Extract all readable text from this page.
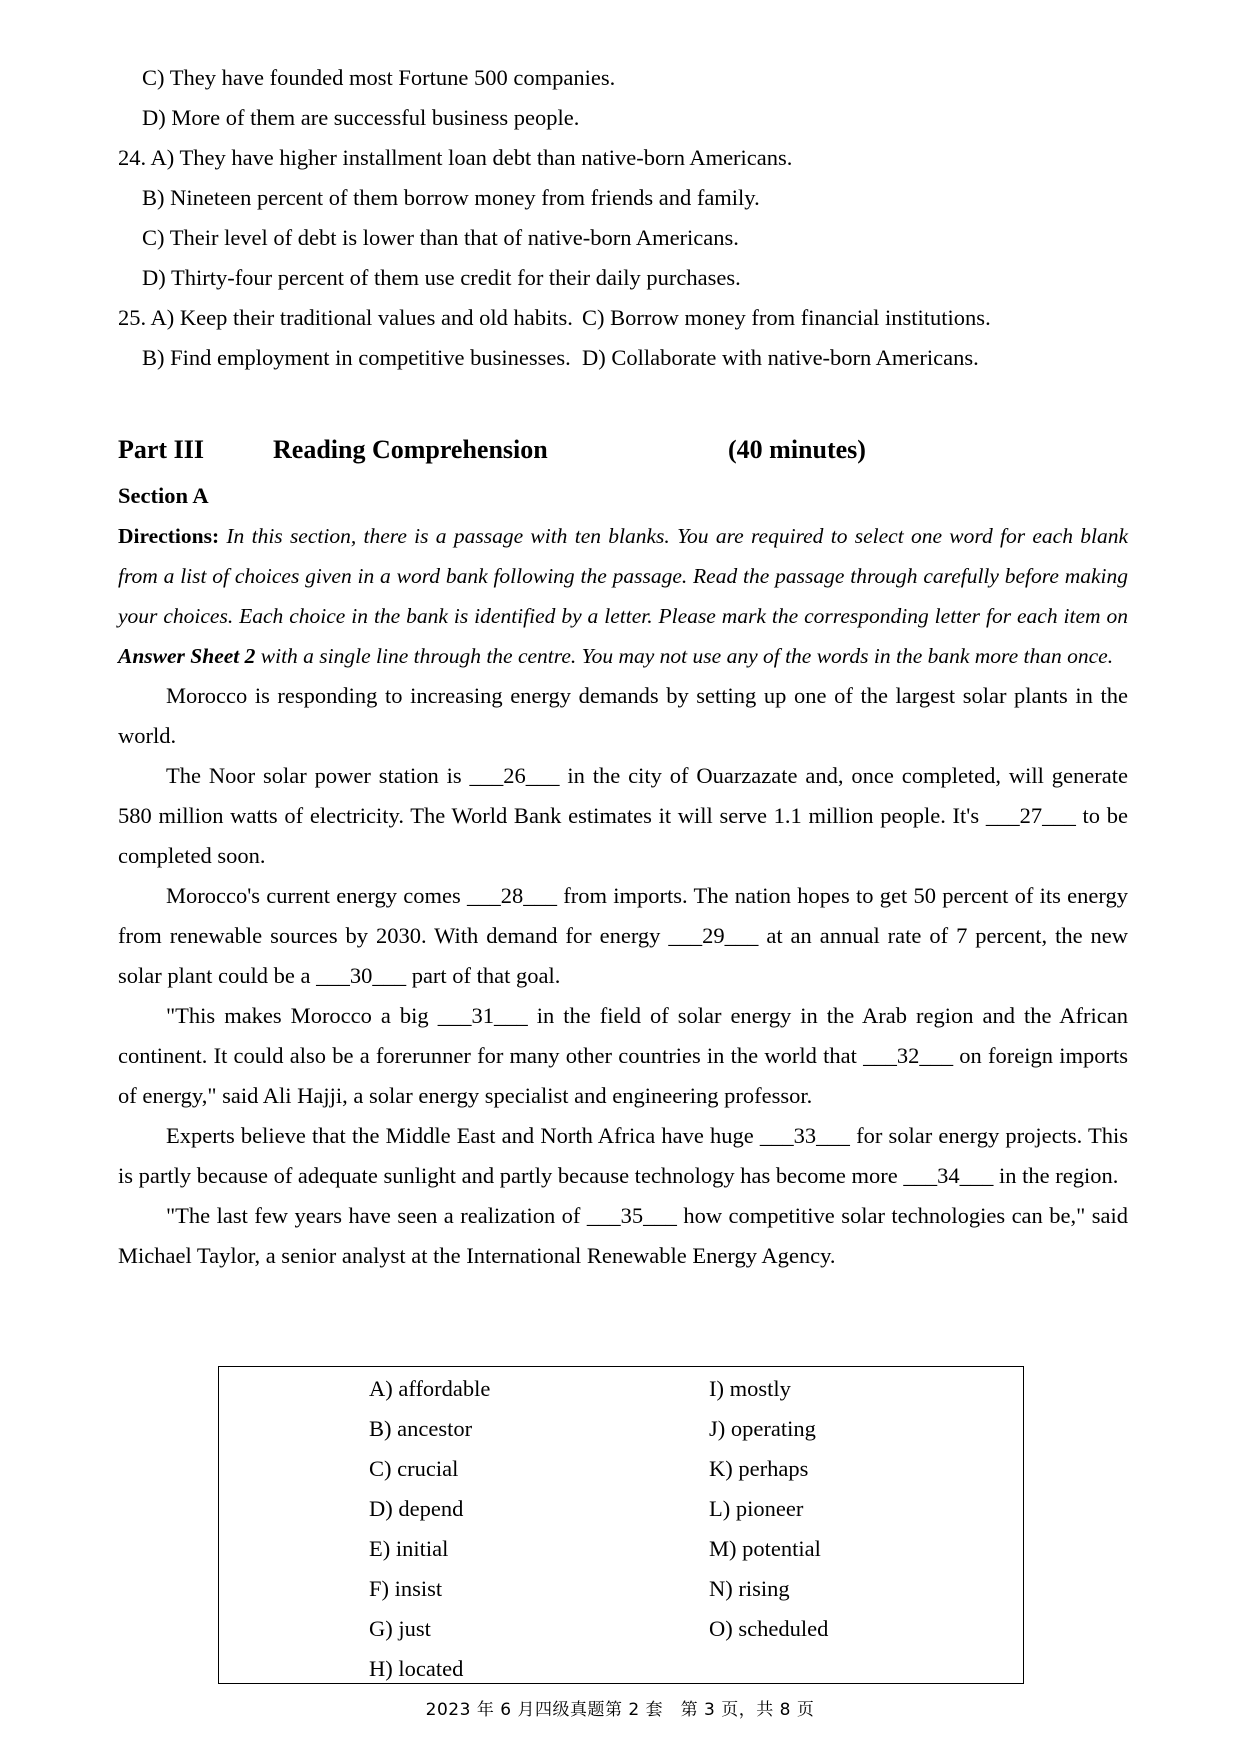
C) They have founded most Fortune 500 companies.
D) More of them are successful business people.
24. A) They have higher installment loan debt than native-born Americans.
B) Nineteen percent of them borrow money from friends and family.
C) Their level of debt is lower than that of native-born Americans.
D) Thirty-four percent of them use credit for their daily purchases.
25. A) Keep their traditional values and old habits. C) Borrow money from financial institutions. B) Find employment in competitive businesses. D) Collaborate with native-born Americans.
Part III	Reading Comprehension	(40 minutes)
Section A
Directions: In this section, there is a passage with ten blanks. You are required to select one word for each blank from a list of choices given in a word bank following the passage. Read the passage through carefully before making your choices. Each choice in the bank is identified by a letter. Please mark the corresponding letter for each item on Answer Sheet 2 with a single line through the centre. You may not use any of the words in the bank more than once.
Morocco is responding to increasing energy demands by setting up one of the largest solar plants in the world.
The Noor solar power station is ___26___ in the city of Ouarzazate and, once completed, will generate 580 million watts of electricity. The World Bank estimates it will serve 1.1 million people. It's ___27___ to be completed soon.
Morocco's current energy comes ___28___ from imports. The nation hopes to get 50 percent of its energy from renewable sources by 2030. With demand for energy ___29___ at an annual rate of 7 percent, the new solar plant could be a ___30___ part of that goal.
"This makes Morocco a big ___31___ in the field of solar energy in the Arab region and the African continent. It could also be a forerunner for many other countries in the world that ___32___ on foreign imports of energy," said Ali Hajji, a solar energy specialist and engineering professor.
Experts believe that the Middle East and North Africa have huge ___33___ for solar energy projects. This is partly because of adequate sunlight and partly because technology has become more ___34___ in the region.
"The last few years have seen a realization of ___35___ how competitive solar technologies can be," said Michael Taylor, a senior analyst at the International Renewable Energy Agency.
A) affordable
B) ancestor
C) crucial
D) depend
E) initial
F) insist
G) just
H) located
I) mostly
J) operating
K) perhaps
L) pioneer
M) potential
N) rising
O) scheduled
2023 年 6 月四级真题第 2 套　第 3 页，共 8 页
